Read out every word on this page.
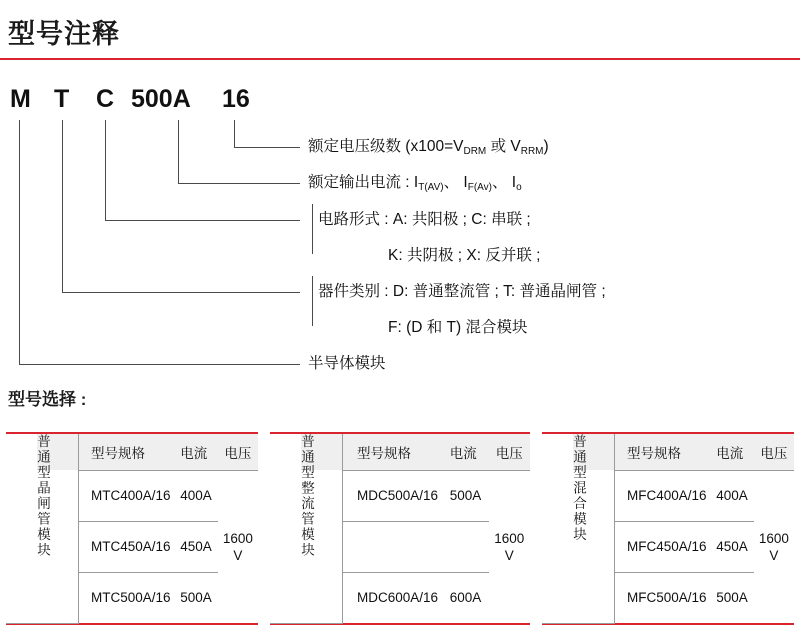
型号注释
M T C 500A 16
额定电压级数 ($x100=V_{DRM}$ 或 $V_{RRM}$)
额定输出电流 : $I_{T(AV)}$、 $I_{F(Av)}$、 $I_o$
电路形式 : A: 共阳极 ; C: 串联 ;
K: 共阴极 ; X: 反并联 ;
器件类别 : D: 普通整流管 ; T: 普通晶闸管 ;
F: (D 和 T) 混合模块
半导体模块
型号选择 :
普通型晶闸管模块	型号规格	电流	电压
	MTC400A/16	400A	1600
V
	MTC450A/16	450A	
	MTC500A/16	500A	
普通型整流管模块	型号规格	电流	电压
	MDC500A/16	500A	1600
V

	MDC600A/16	600A	
普通型混合模块	型号规格	电流	电压
	MFC400A/16	400A	1600
V
	MFC450A/16	450A	
	MFC500A/16	500A	
